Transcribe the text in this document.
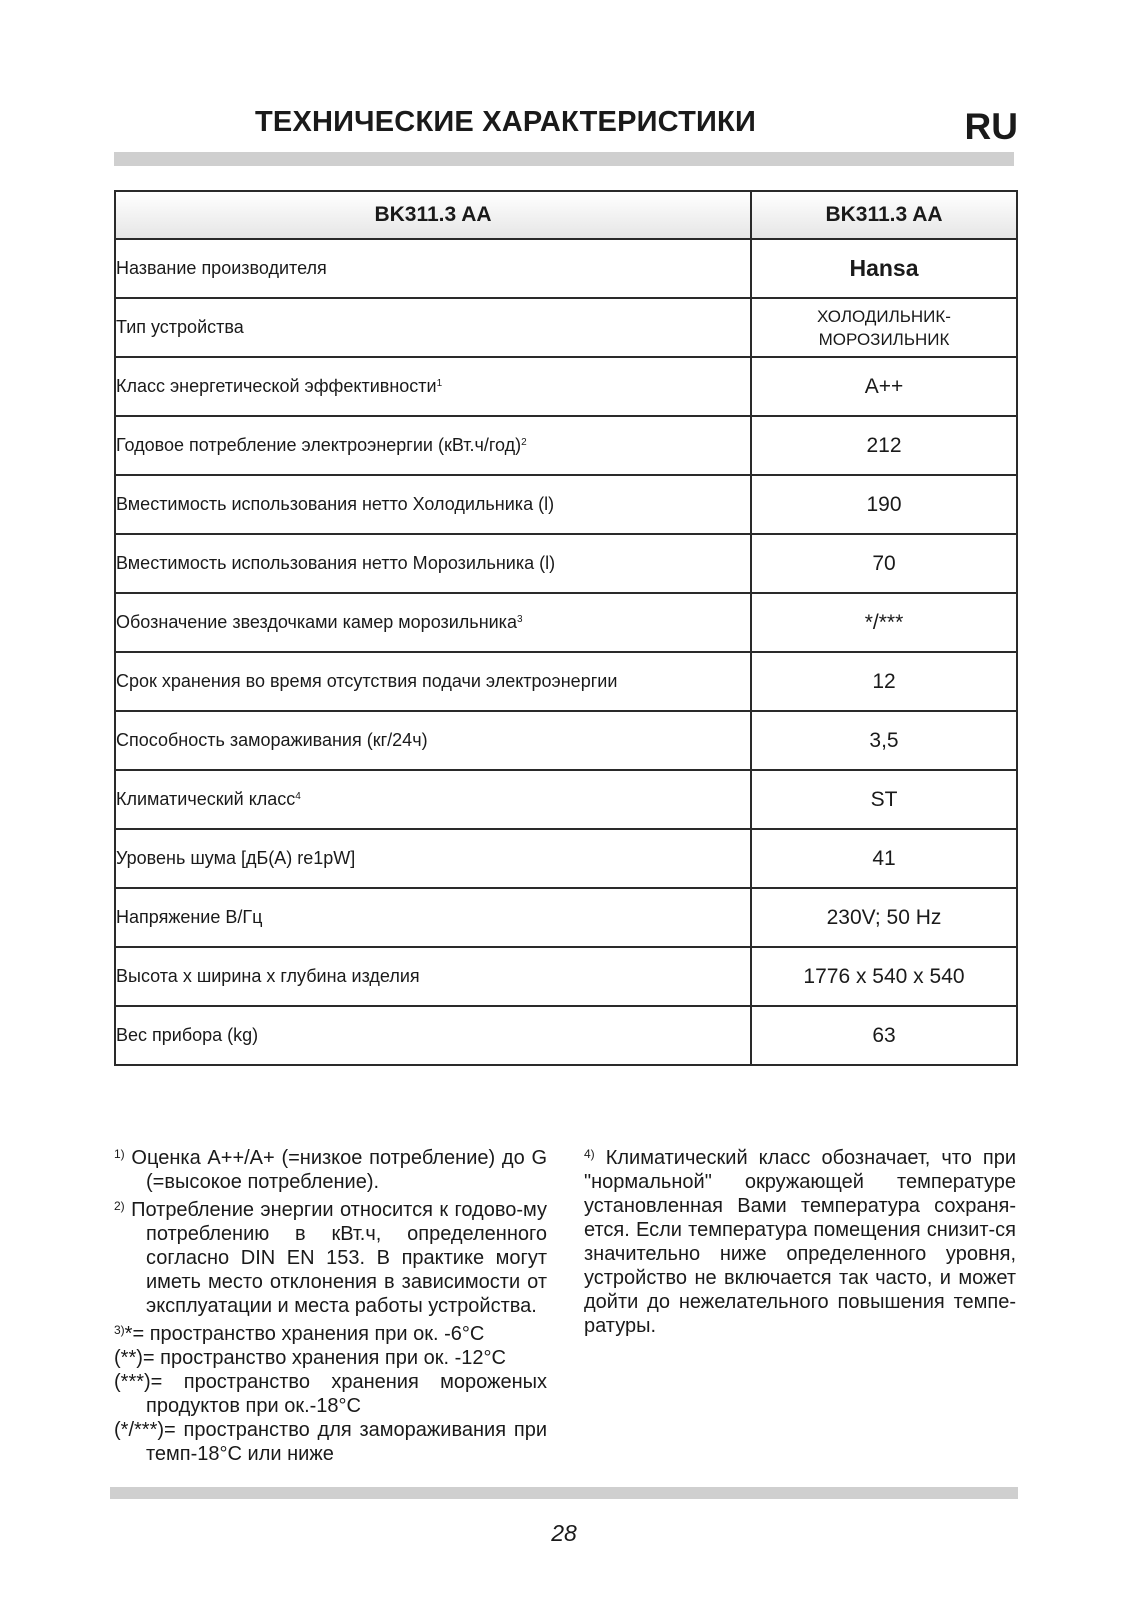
ТЕХНИЧЕСКИЕ ХАРАКТЕРИСТИКИ	RU
BK311.3 AA	BK311.3 AA
Название производителя	Hansa
Тип устройства	ХОЛОДИЛЬНИК-
МОРОЗИЛЬНИК

Класс энергетической эффективности$^1$	A++
Годовое потребление электроэнергии $(кВт.ч/год)^2$	212
Вместимость использования нетто Холодильника (l)	190
Вместимость использования нетто Морозильника (l)	70
Обозначение звездочками камер морозильника$^3$	*/***
Срок хранения во время отсутствия подачи электроэнергии	12
Способность замораживания (кг/24ч)	3,5
Климатический класс$^4$	ST
Уровень шума [дБ(A) re1pW]	41
Напряжение В/Гц	230V; 50 Hz
Высота х ширина х глубина изделия	1776 x 540 x 540
Вес прибора (kg)	63

$^{1)}$ Оценка A++/A+ (=низкое потребление) до G (=высокое потребление).

$^{2)}$ Потребление энергии относится к годово-му потреблению в кВт.ч, определенного согласно DIN EN 153. В практике могут иметь место отклонения в зависимости от эксплуатации и места работы устройства.

$^{3)}$*= пространство хранения при ок. -6°C

(**)= пространство хранения при ок. -12°C

(***)= пространство хранения мороженых продуктов при ок.-18°C

(*/***)= пространство для замораживания при темп-18°C или ниже

$^{4)}$ Климатический класс обозначает, что при "нормальной" окружающей температуре установленная Вами температура сохраня-ется. Если температура помещения снизит-ся значительно ниже определенного уровня, устройство не включается так часто, и может дойти до нежелательного повышения темпе-ратуры.

28
